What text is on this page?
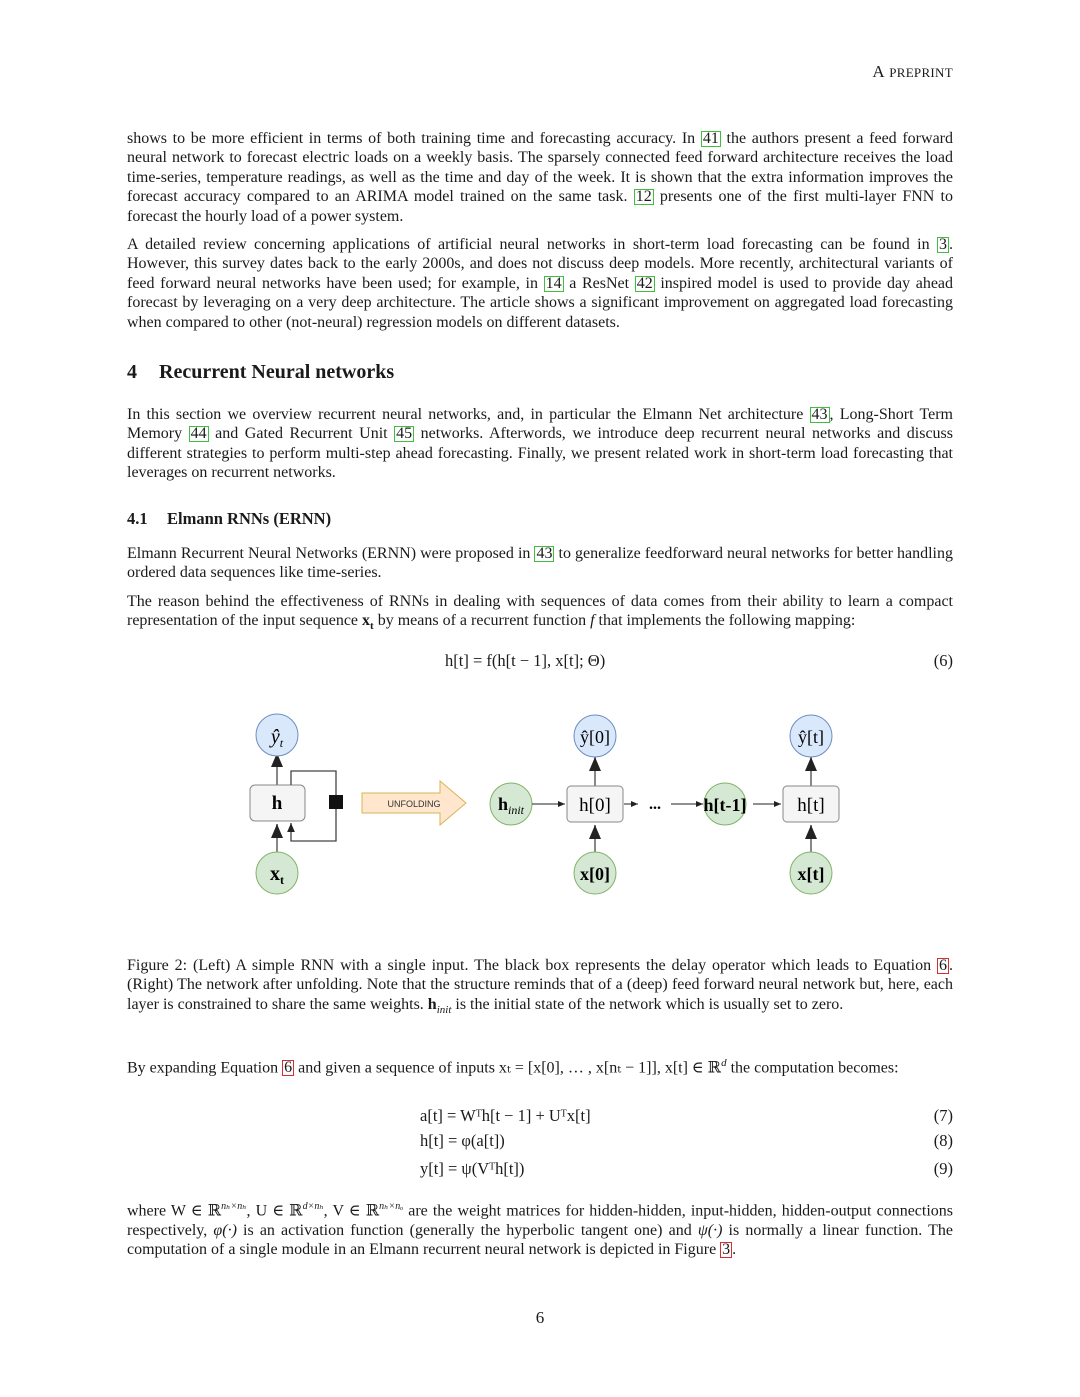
A PREPRINT

shows to be more efficient in terms of both training time and forecasting accuracy. In 41 the authors present a feed forward neural network to forecast electric loads on a weekly basis. The sparsely connected feed forward architecture receives the load time-series, temperature readings, as well as the time and day of the week. It is shown that the extra information improves the forecast accuracy compared to an ARIMA model trained on the same task. 12 presents one of the first multi-layer FNN to forecast the hourly load of a power system.

A detailed review concerning applications of artificial neural networks in short-term load forecasting can be found in 3 . However, this survey dates back to the early 2000s, and does not discuss deep models. More recently, architectural variants of feed forward neural networks have been used; for example, in 14 a ResNet 42 inspired model is used to provide day ahead forecast by leveraging on a very deep architecture. The article shows a significant improvement on aggregated load forecasting when compared to other (not-neural) regression models on different datasets.

4 Recurrent Neural networks

In this section we overview recurrent neural networks, and, in particular the Elmann Net architecture 43 , Long-Short Term Memory 44 and Gated Recurrent Unit 45 networks. Afterwords, we introduce deep recurrent neural networks and discuss different strategies to perform multi-step ahead forecasting. Finally, we present related work in short-term load forecasting that leverages on recurrent networks.

4.1 Elmann RNNs (ERNN)

Elmann Recurrent Neural Networks (ERNN) were proposed in 43 to generalize feedforward neural networks for better handling ordered data sequences like time-series.

The reason behind the effectiveness of RNNs in dealing with sequences of data comes from their ability to learn a compact representation of the input sequence $x_t$ by means of a recurrent function f that implements the following mapping:

h[t] = f(h[t − 1], x[t]; Θ)	(6)
$ŷ_t$
h
$x_t$
UNFOLDING	$h_{init}$	h[0]
ŷ[0]
x[0]
... h[t-1]	h[t]
ŷ[t]
x[t]

Figure 2: (Left) A simple RNN with a single input. The black box represents the delay operator which leads to Equation 6 . (Right) The network after unfolding. Note that the structure reminds that of a (deep) feed forward neural network but, here, each layer is constrained to share the same weights. $h_{init}$ is the initial state of the network which is usually set to zero.

By expanding Equation 6 and given a sequence of inputs xₜ = [x[0], … , x[nₜ − 1]], x[t] ∈ ℝ$^d$ the computation becomes:

a[t] = Wᵀh[t − 1] + Uᵀx[t]	(7)
h[t] = φ(a[t])	(8)
y[t] = ψ(Vᵀh[t])	(9)

where W ∈ ℝ$^{n_h\times n_h}$, U ∈ ℝ$^{d\times n_h}$, V ∈ ℝ$^{n_h\times n_o}$ are the weight matrices for hidden-hidden, input-hidden, hidden-output connections respectively, φ(·) is an activation function (generally the hyperbolic tangent one) and ψ(·) is normally a linear function. The computation of a single module in an Elmann recurrent neural network is depicted in Figure 3 .

6
